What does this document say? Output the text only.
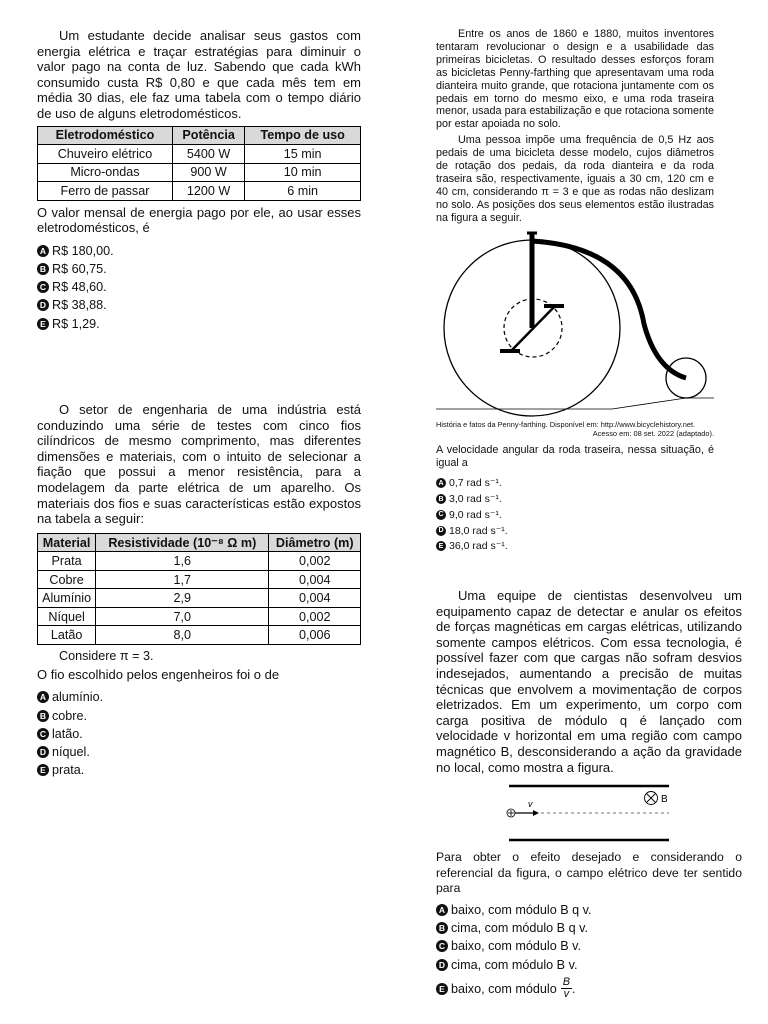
Um estudante decide analisar seus gastos com energia elétrica e traçar estratégias para diminuir o valor pago na conta de luz. Sabendo que cada kWh consumido custa R$ 0,80 e que cada mês tem em média 30 dias, ele faz uma tabela com o tempo diário de uso de alguns eletrodomésticos.

Eletrodoméstico	Potência	Tempo de uso
Chuveiro elétrico	5400 W	15 min
Micro-ondas	900 W	10 min
Ferro de passar	1200 W	6 min

O valor mensal de energia pago por ele, ao usar esses eletrodomésticos, é

A R$ 180,00.
B R$ 60,75.
C R$ 48,60.
D R$ 38,88.
E R$ 1,29.

O setor de engenharia de uma indústria está conduzindo uma série de testes com cinco fios cilíndricos de mesmo comprimento, mas diferentes dimensões e materiais, com o intuito de selecionar a fiação que possui a menor resistência, para a modelagem da parte elétrica de um aparelho. Os materiais dos fios e suas características estão expostos na tabela a seguir:

Material	Resistividade (10⁻⁸ Ω m)	Diâmetro (m)
Prata	1,6	0,002
Cobre	1,7	0,004
Alumínio	2,9	0,004
Níquel	7,0	0,002
Latão	8,0	0,006

Considere π = 3.

O fio escolhido pelos engenheiros foi o de

A alumínio.
B cobre.
C latão.
D níquel.
E prata.

Entre os anos de 1860 e 1880, muitos inventores tentaram revolucionar o design e a usabilidade das primeiras bicicletas. O resultado desses esforços foram as bicicletas Penny-farthing que apresentavam uma roda dianteira muito grande, que rotaciona juntamente com os pedais em torno do mesmo eixo, e uma roda traseira menor, usada para estabilização e que rotaciona somente por estar apoiada no solo.

Uma pessoa impõe uma frequência de 0,5 Hz aos pedais de uma bicicleta desse modelo, cujos diâmetros de rotação dos pedais, da roda dianteira e da roda traseira são, respectivamente, iguais a 30 cm, 120 cm e 40 cm, considerando π = 3 e que as rodas não deslizam no solo. As posições dos seus elementos estão ilustradas na figura a seguir.

História e fatos da Penny-farthing. Disponível em: http://www.bicyclehistory.net.

Acesso em: 08 set. 2022 (adaptado).

A velocidade angular da roda traseira, nessa situação, é igual a

A 0,7 rad s⁻¹.
B 3,0 rad s⁻¹.
C 9,0 rad s⁻¹.
D 18,0 rad s⁻¹.
E 36,0 rad s⁻¹.

Uma equipe de cientistas desenvolveu um equipamento capaz de detectar e anular os efeitos de forças magnéticas em cargas elétricas, utilizando somente campos elétricos. Com essa tecnologia, é possível fazer com que cargas não sofram desvios indesejados, aumentando a precisão de muitas técnicas que envolvem a movimentação de corpos eletrizados. Em um experimento, um corpo com carga positiva de módulo q é lançado com velocidade v horizontal em uma região com campo magnético B, desconsiderando a ação da gravidade no local, como mostra a figura.

v	B

Para obter o efeito desejado e considerando o referencial da figura, o campo elétrico deve ter sentido para

A baixo, com módulo B q v.
B cima, com módulo B q v.
C baixo, com módulo B v.
D cima, com módulo B v.
E baixo, com módulo $\frac{B}{v}$ .
